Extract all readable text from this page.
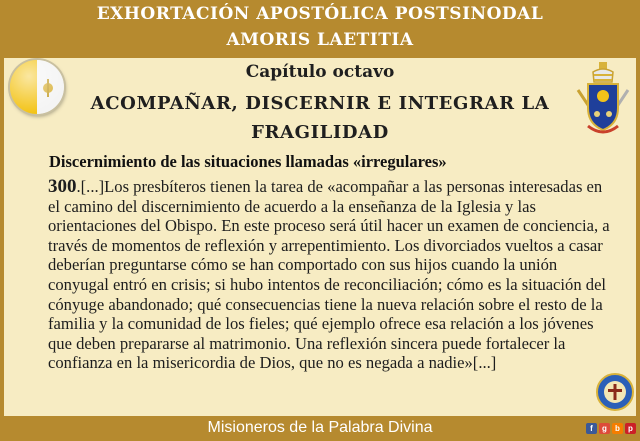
EXHORTACIÓN APOSTÓLICA POSTSINODAL
AMORIS LAETITIA
Capítulo octavo
ACOMPAÑAR, DISCERNIR E INTEGRAR LA FRAGILIDAD
Discernimiento de las situaciones llamadas «irregulares»

300.[...]Los presbíteros tienen la tarea de «acompañar a las personas interesadas en el camino del discernimiento de acuerdo a la enseñanza de la Iglesia y las orientaciones del Obispo. En este proceso será útil hacer un examen de conciencia, a través de momentos de reflexión y arrepentimiento. Los divorciados vueltos a casar deberían preguntarse cómo se han comportado con sus hijos cuando la unión conyugal entró en crisis; si hubo intentos de reconciliación; cómo es la situación del cónyuge abandonado; qué consecuencias tiene la nueva relación sobre el resto de la familia y la comunidad de los fieles; qué ejemplo ofrece esa relación a los jóvenes que deben prepararse al matrimonio. Una reflexión sincera puede fortalecer la confianza en la misericordia de Dios, que no es negada a nadie»[...]

Misioneros de la Palabra Divina	f	g	b	p
